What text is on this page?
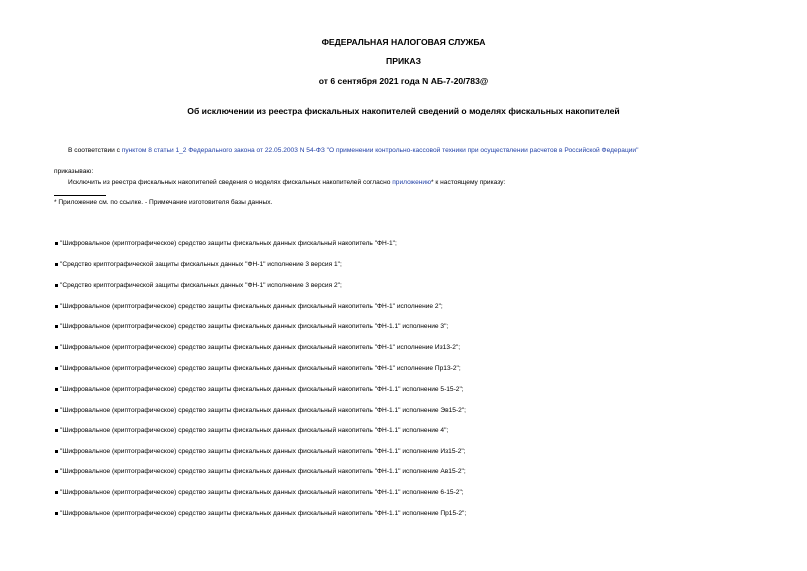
ФЕДЕРАЛЬНАЯ НАЛОГОВАЯ СЛУЖБА
ПРИКАЗ
от 6 сентября 2021 года N АБ-7-20/783@
Об исключении из реестра фискальных накопителей сведений о моделях фискальных накопителей
В соответствии с пунктом 8 статьи 1_2 Федерального закона от 22.05.2003 N 54-ФЗ "О применении контрольно-кассовой техники при осуществлении расчетов в Российской Федерации"
приказываю:
Исключить из реестра фискальных накопителей сведения о моделях фискальных накопителей согласно приложению* к настоящему приказу:
* Приложение см. по ссылке. - Примечание изготовителя базы данных.
"Шифровальное (криптографическое) средство защиты фискальных данных фискальный накопитель "ФН-1";
"Средство криптографической защиты фискальных данных "ФН-1" исполнение 3 версия 1";
"Средство криптографической защиты фискальных данных "ФН-1" исполнение 3 версия 2";
"Шифровальное (криптографическое) средство защиты фискальных данных фискальный накопитель "ФН-1" исполнение 2";
"Шифровальное (криптографическое) средство защиты фискальных данных фискальный накопитель "ФН-1.1" исполнение 3";
"Шифровальное (криптографическое) средство защиты фискальных данных фискальный накопитель "ФН-1" исполнение Из13-2";
"Шифровальное (криптографическое) средство защиты фискальных данных фискальный накопитель "ФН-1" исполнение Пр13-2";
"Шифровальное (криптографическое) средство защиты фискальных данных фискальный накопитель "ФН-1.1" исполнение 5-15-2";
"Шифровальное (криптографическое) средство защиты фискальных данных фискальный накопитель "ФН-1.1" исполнение Эв15-2";
"Шифровальное (криптографическое) средство защиты фискальных данных фискальный накопитель "ФН-1.1" исполнение 4";
"Шифровальное (криптографическое) средство защиты фискальных данных фискальный накопитель "ФН-1.1" исполнение Из15-2";
"Шифровальное (криптографическое) средство защиты фискальных данных фискальный накопитель "ФН-1.1" исполнение Ав15-2";
"Шифровальное (криптографическое) средство защиты фискальных данных фискальный накопитель "ФН-1.1" исполнение 6-15-2";
"Шифровальное (криптографическое) средство защиты фискальных данных фискальный накопитель "ФН-1.1" исполнение Пр15-2";
